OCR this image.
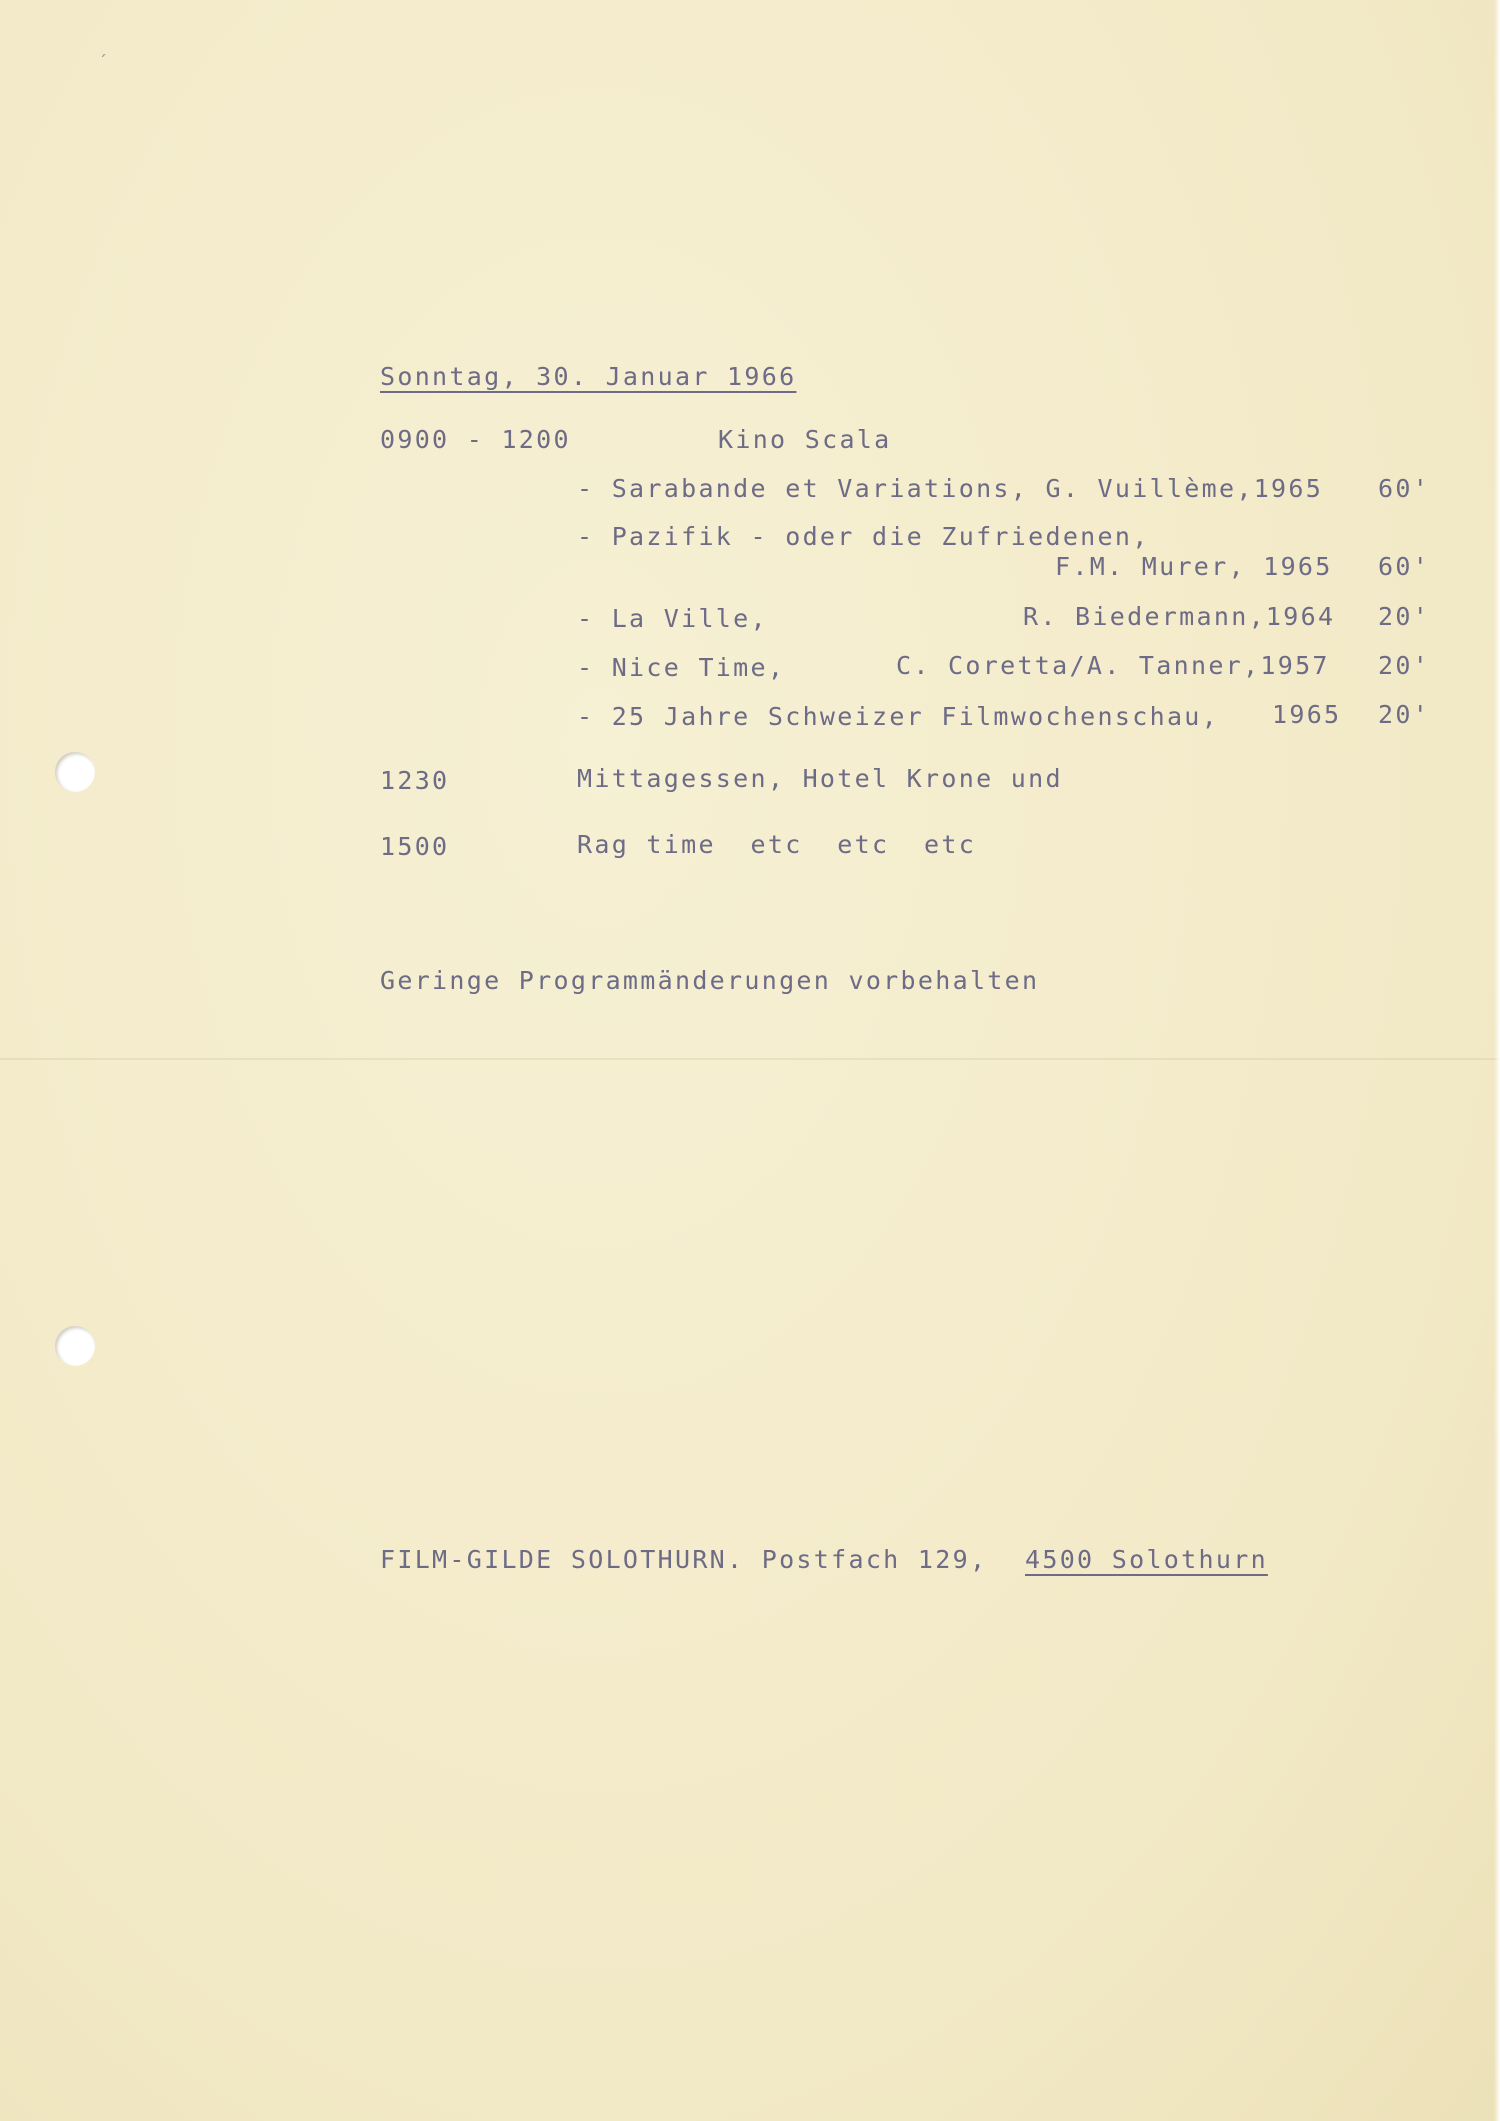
´
Sonntag, 30. Januar 1966
0900 - 1200	Kino Scala
- Sarabande et Variations, G. Vuillème,1965 60'
- Pazifik - oder die Zufriedenen,
F.M. Murer, 1965 60'
- La Ville,	R. Biedermann,1964 20'
- Nice Time,	C. Coretta/A. Tanner,1957 20'
- 25 Jahre Schweizer Filmwochenschau, 1965 20'
1230	Mittagessen, Hotel Krone und
1500	Rag time  etc  etc  etc
Geringe Programmänderungen vorbehalten
FILM-GILDE SOLOTHURN. Postfach 129, 4500 Solothurn
